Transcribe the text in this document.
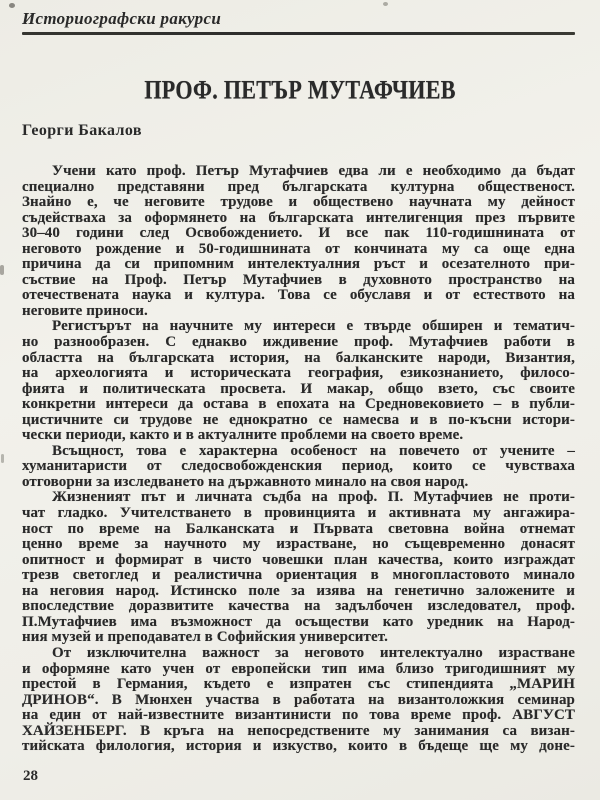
Историографски ракурси
ПРОФ. ПЕТЪР МУТАФЧИЕВ
Георги Бакалов
Учени като проф. Петър Мутафчиев едва ли е необходимо да бъдат
специално представяни пред българската културна общественост.
Знайно е, че неговите трудове и обществено научната му дейност
съдействаха за оформянето на българската интелигенция през първите
30–40 години след Освобождението. И все пак 110-годишнината от
неговото рождение и 50-годишнината от кончината му са още една
причина да си припомним интелектуалния ръст и осезателното при-
съствие на Проф. Петър Мутафчиев в духовното пространство на
отечествената наука и култура. Това се обуславя и от естеството на
неговите приноси.
Регистърът на научните му интереси е твърде обширен и тематич-
но разнообразен. С еднакво иждивение проф. Мутафчиев работи в
областта на българската история, на балканските народи, Византия,
на археологията и историческата география, езикознанието, филосо-
фията и политическата просвета. И макар, общо взето, със своите
конкретни интереси да остава в епохата на Средновековието – в публи-
цистичните си трудове не еднократно се намесва и в по-късни истори-
чески периоди, както и в актуалните проблеми на своето време.
Всъщност, това е характерна особеност на повечето от учените –
хуманитаристи от следосвобожденския период, които се чувстваха
отговорни за изследването на държавното минало на своя народ.
Жизненият път и личната съдба на проф. П. Мутафчиев не проти-
чат гладко. Учителстването в провинцията и активната му ангажира-
ност по време на Балканската и Първата световна война отнемат
ценно време за научното му израстване, но същевременно донасят
опитност и формират в чисто човешки план качества, които изграждат
трезв светоглед и реалистична ориентация в многопластовото минало
на неговия народ. Истинско поле за изява на генетично заложените и
впоследствие доразвитите качества на задълбочен изследовател, проф.
П.Мутафчиев има възможност да осъществи като уредник на Народ-
ния музей и преподавател в Софийския университет.
От изключителна важност за неговото интелектуално израстване
и оформяне като учен от европейски тип има близо тригодишният му
престой в Германия, където е изпратен със стипендията „МАРИН
ДРИНОВ“. В Мюнхен участва в работата на византоложкия семинар
на един от най-известните византинисти по това време проф. АВГУСТ
ХАЙЗЕНБЕРГ. В кръга на непосредствените му занимания са визан-
тийската филология, история и изкуство, които в бъдеще ще му доне-
28
